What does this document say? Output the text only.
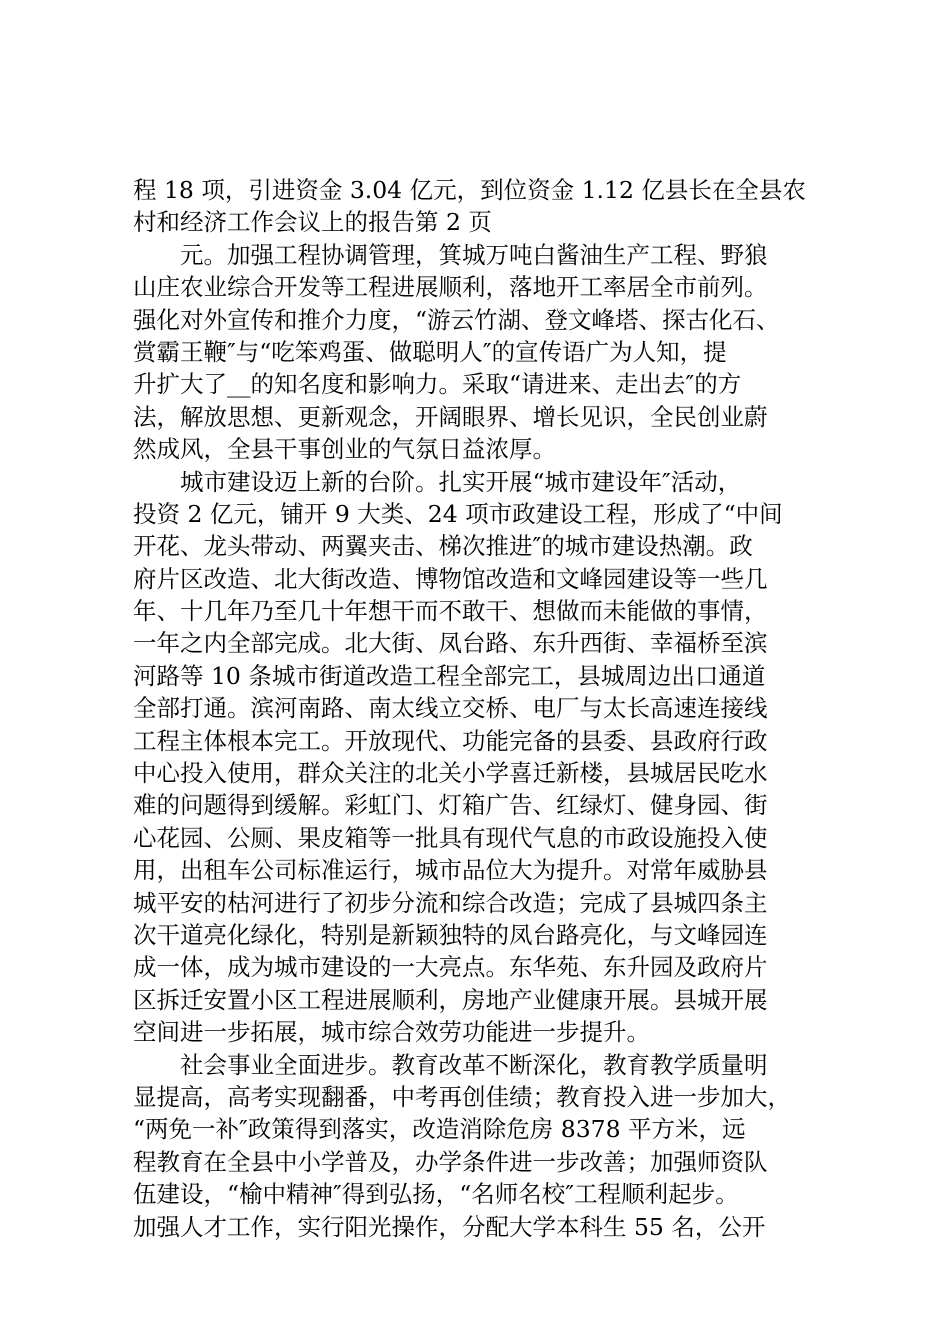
程 18 项，引进资金 3.04 亿元，到位资金 1.12 亿县长在全县农

村和经济工作会议上的报告第 2 页

元。加强工程协调管理，箕城万吨白酱油生产工程、野狼

山庄农业综合开发等工程进展顺利，落地开工率居全市前列。

强化对外宣传和推介力度，“游云竹湖、登文峰塔、探古化石、

赏霸王鞭″与“吃笨鸡蛋、做聪明人″的宣传语广为人知，提

升扩大了__的知名度和影响力。采取“请进来、走出去″的方

法，解放思想、更新观念，开阔眼界、增长见识，全民创业蔚

然成风，全县干事创业的气氛日益浓厚。

城市建设迈上新的台阶。扎实开展“城市建设年″活动，

投资 2 亿元，铺开 9 大类、24 项市政建设工程，形成了“中间

开花、龙头带动、两翼夹击、梯次推进″的城市建设热潮。政

府片区改造、北大街改造、博物馆改造和文峰园建设等一些几

年、十几年乃至几十年想干而不敢干、想做而未能做的事情，

一年之内全部完成。北大街、凤台路、东升西街、幸福桥至滨

河路等 10 条城市街道改造工程全部完工，县城周边出口通道

全部打通。滨河南路、南太线立交桥、电厂与太长高速连接线

工程主体根本完工。开放现代、功能完备的县委、县政府行政

中心投入使用，群众关注的北关小学喜迁新楼，县城居民吃水

难的问题得到缓解。彩虹门、灯箱广告、红绿灯、健身园、街

心花园、公厕、果皮箱等一批具有现代气息的市政设施投入使

用，出租车公司标准运行，城市品位大为提升。对常年威胁县

城平安的枯河进行了初步分流和综合改造；完成了县城四条主

次干道亮化绿化，特别是新颖独特的凤台路亮化，与文峰园连

成一体，成为城市建设的一大亮点。东华苑、东升园及政府片

区拆迁安置小区工程进展顺利，房地产业健康开展。县城开展

空间进一步拓展，城市综合效劳功能进一步提升。

社会事业全面进步。教育改革不断深化，教育教学质量明

显提高，高考实现翻番，中考再创佳绩；教育投入进一步加大，

“两免一补″政策得到落实，改造消除危房 8378 平方米，远

程教育在全县中小学普及，办学条件进一步改善；加强师资队

伍建设，“榆中精神″得到弘扬，“名师名校″工程顺利起步。

加强人才工作，实行阳光操作，分配大学本科生 55 名，公开
